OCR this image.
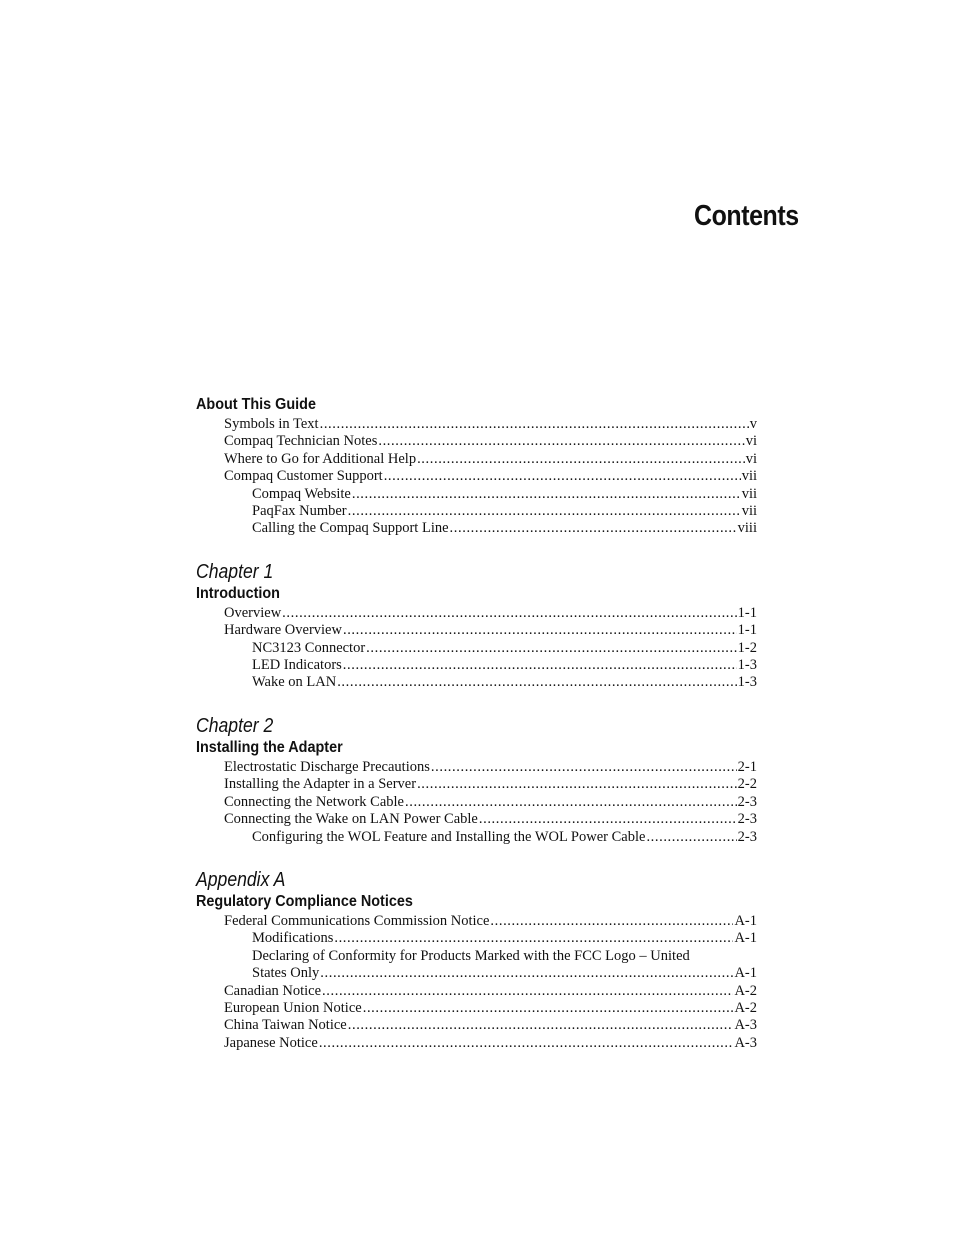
Contents
About This Guide
Symbols in Text .....	v
Compaq Technician Notes .....	vi
Where to Go for Additional Help .....	vi
Compaq Customer Support .....	vii
Compaq Website .....	vii
PaqFax Number .....	vii
Calling the Compaq Support Line .....	viii
Chapter 1
Introduction
Overview .....	1-1
Hardware Overview .....	1-1
NC3123 Connector .....	1-2
LED Indicators .....	1-3
Wake on LAN .....	1-3
Chapter 2
Installing the Adapter
Electrostatic Discharge Precautions .....	2-1
Installing the Adapter in a Server .....	2-2
Connecting the Network Cable .....	2-3
Connecting the Wake on LAN Power Cable .....	2-3
Configuring the WOL Feature and Installing the WOL Power Cable .....	2-3
Appendix A
Regulatory Compliance Notices
Federal Communications Commission Notice .....	A-1
Modifications .....	A-1
Declaring of Conformity for Products Marked with the FCC Logo – United
States Only .....	A-1
Canadian Notice .....	A-2
European Union Notice .....	A-2
China Taiwan Notice .....	A-3
Japanese Notice .....	A-3
